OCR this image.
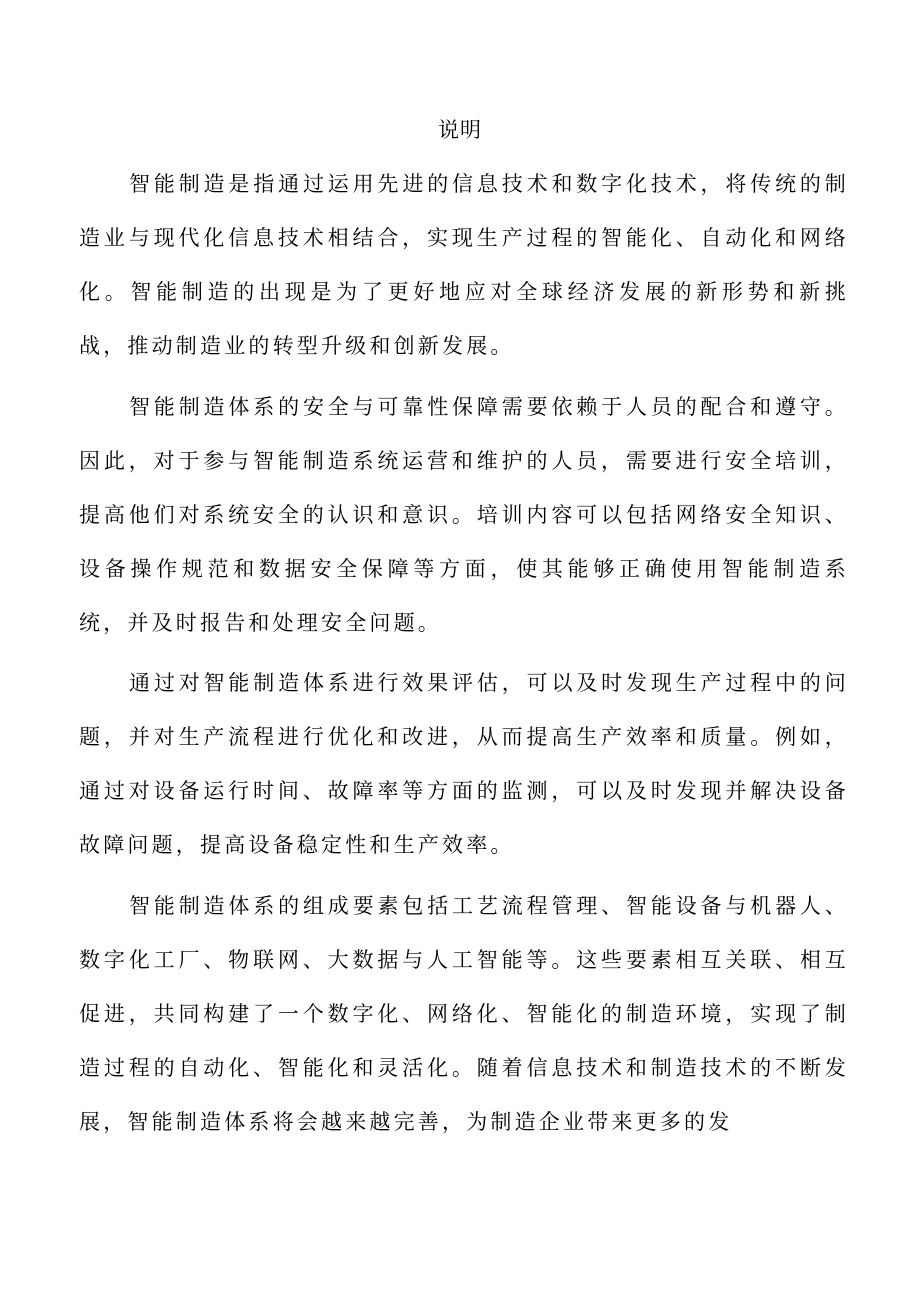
说明

智能制造是指通过运用先进的信息技术和数字化技术，将传统的制造业与现代化信息技术相结合，实现生产过程的智能化、自动化和网络化。智能制造的出现是为了更好地应对全球经济发展的新形势和新挑战，推动制造业的转型升级和创新发展。

智能制造体系的安全与可靠性保障需要依赖于人员的配合和遵守。因此，对于参与智能制造系统运营和维护的人员，需要进行安全培训，提高他们对系统安全的认识和意识。培训内容可以包括网络安全知识、设备操作规范和数据安全保障等方面，使其能够正确使用智能制造系统，并及时报告和处理安全问题。

通过对智能制造体系进行效果评估，可以及时发现生产过程中的问题，并对生产流程进行优化和改进，从而提高生产效率和质量。例如，通过对设备运行时间、故障率等方面的监测，可以及时发现并解决设备故障问题，提高设备稳定性和生产效率。

智能制造体系的组成要素包括工艺流程管理、智能设备与机器人、数字化工厂、物联网、大数据与人工智能等。这些要素相互关联、相互促进，共同构建了一个数字化、网络化、智能化的制造环境，实现了制造过程的自动化、智能化和灵活化。随着信息技术和制造技术的不断发展，智能制造体系将会越来越完善，为制造企业带来更多的发
